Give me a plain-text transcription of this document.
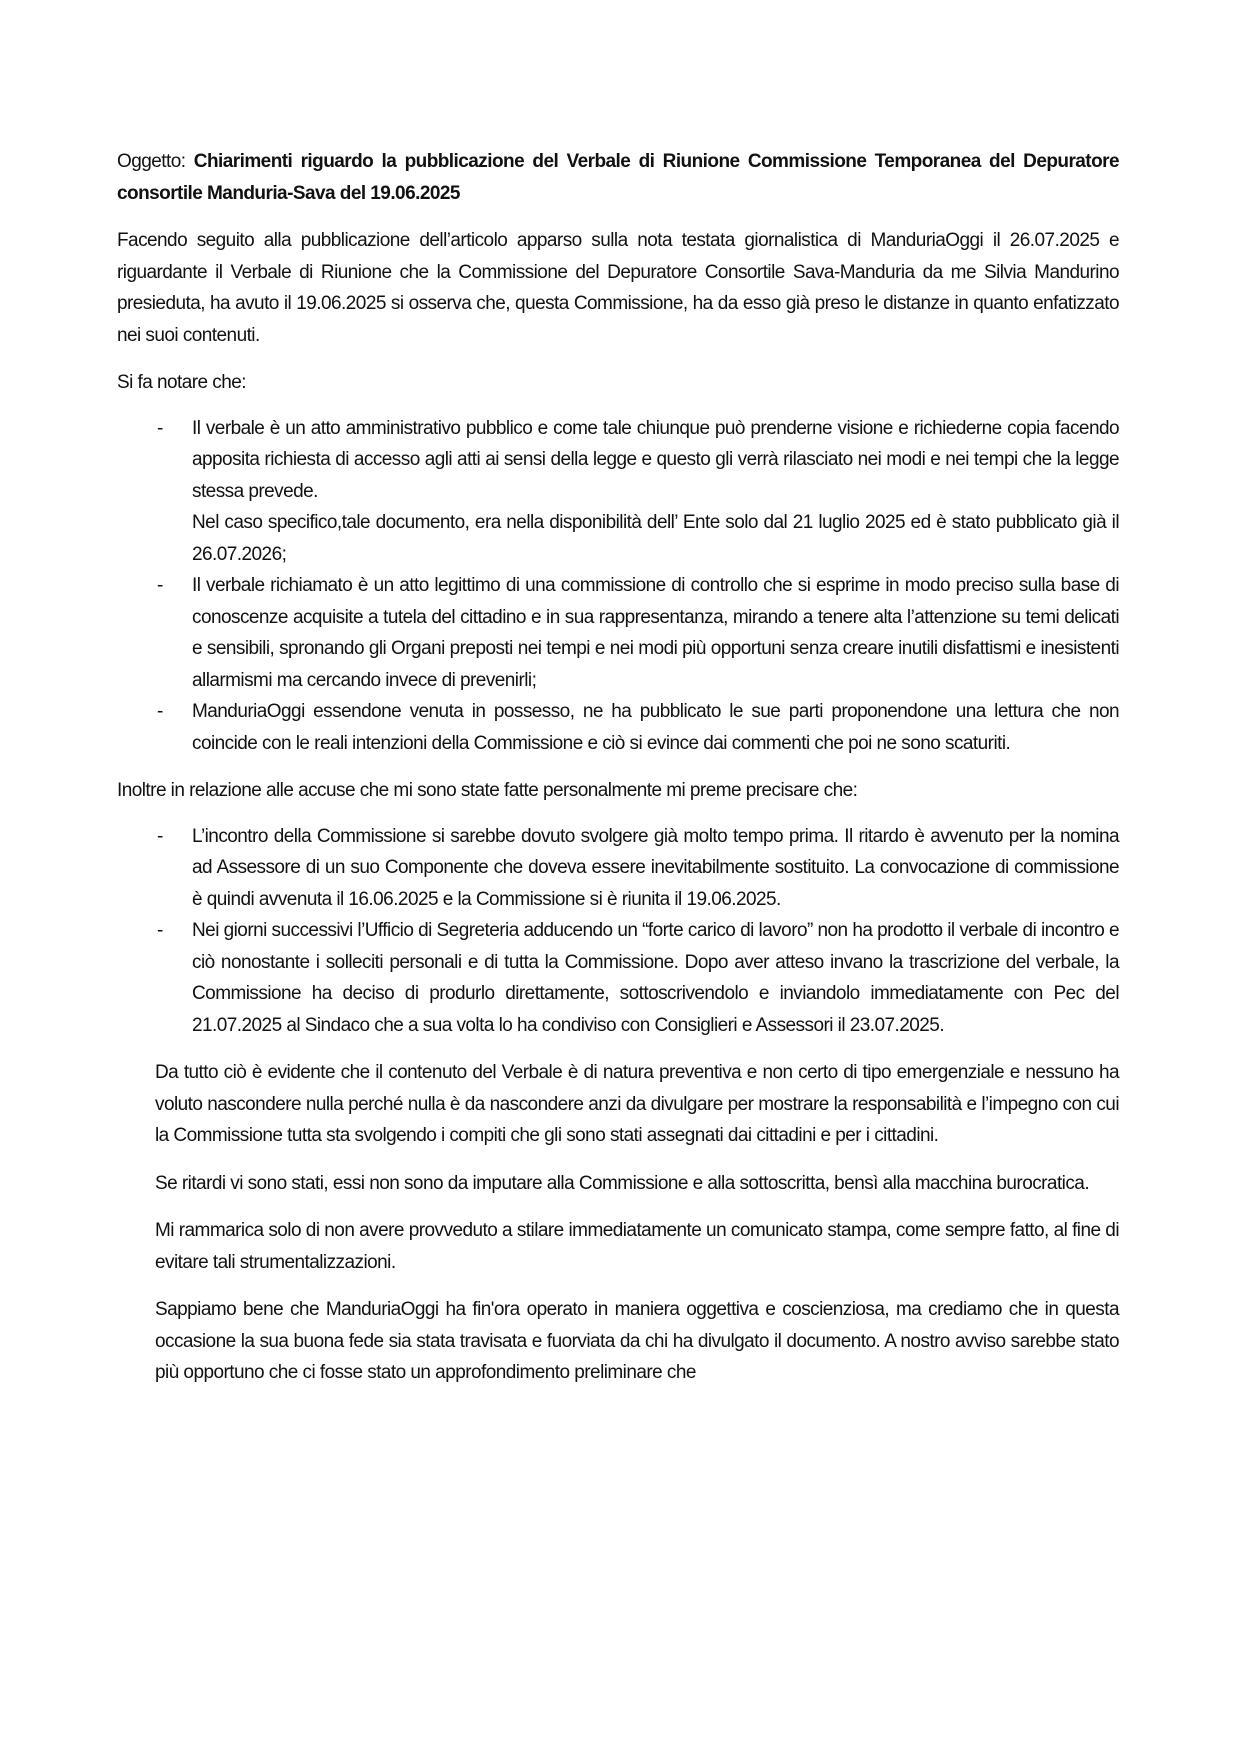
Oggetto: Chiarimenti riguardo la pubblicazione del Verbale di Riunione Commissione Temporanea del Depuratore consortile Manduria-Sava del 19.06.2025

Facendo seguito alla pubblicazione dell’articolo apparso sulla nota testata giornalistica di ManduriaOggi il 26.07.2025 e riguardante il Verbale di Riunione che la Commissione del Depuratore Consortile Sava-Manduria da me Silvia Mandurino presieduta, ha avuto il 19.06.2025 si osserva che, questa Commissione, ha da esso già preso le distanze in quanto enfatizzato nei suoi contenuti.

Si fa notare che:

- Il verbale è un atto amministrativo pubblico e come tale chiunque può prenderne visione e richiederne copia facendo apposita richiesta di accesso agli atti ai sensi della legge e questo gli verrà rilasciato nei modi e nei tempi che la legge stessa prevede.
Nel caso specifico,tale documento, era nella disponibilità dell’ Ente solo dal 21 luglio 2025 ed è stato pubblicato già il 26.07.2026;
- Il verbale richiamato è un atto legittimo di una commissione di controllo che si esprime in modo preciso sulla base di conoscenze acquisite a tutela del cittadino e in sua rappresentanza, mirando a tenere alta l’attenzione su temi delicati e sensibili, spronando gli Organi preposti nei tempi e nei modi più opportuni senza creare inutili disfattismi e inesistenti allarmismi ma cercando invece di prevenirli;
- ManduriaOggi essendone venuta in possesso, ne ha pubblicato le sue parti proponendone una lettura che non coincide con le reali intenzioni della Commissione e ciò si evince dai commenti che poi ne sono scaturiti.

Inoltre in relazione alle accuse che mi sono state fatte personalmente mi preme precisare che:

- L’incontro della Commissione si sarebbe dovuto svolgere già molto tempo prima. Il ritardo è avvenuto per la nomina ad Assessore di un suo Componente che doveva essere inevitabilmente sostituito. La convocazione di commissione è quindi avvenuta il 16.06.2025 e la Commissione si è riunita il 19.06.2025.
- Nei giorni successivi l’Ufficio di Segreteria adducendo un “forte carico di lavoro” non ha prodotto il verbale di incontro e ciò nonostante i solleciti personali e di tutta la Commissione. Dopo aver atteso invano la trascrizione del verbale, la Commissione ha deciso di produrlo direttamente, sottoscrivendolo e inviandolo immediatamente con Pec del 21.07.2025 al Sindaco che a sua volta lo ha condiviso con Consiglieri e Assessori il 23.07.2025.

Da tutto ciò è evidente che il contenuto del Verbale è di natura preventiva e non certo di tipo emergenziale e nessuno ha voluto nascondere nulla perché nulla è da nascondere anzi da divulgare per mostrare la responsabilità e l’impegno con cui la Commissione tutta sta svolgendo i compiti che gli sono stati assegnati dai cittadini e per i cittadini.

Se ritardi vi sono stati, essi non sono da imputare alla Commissione e alla sottoscritta, bensì alla macchina burocratica.

Mi rammarica solo di non avere provveduto a stilare immediatamente un comunicato stampa, come sempre fatto, al fine di evitare tali strumentalizzazioni.

Sappiamo bene che ManduriaOggi ha fin'ora operato in maniera oggettiva e coscienziosa, ma crediamo che in questa occasione la sua buona fede sia stata travisata e fuorviata da chi ha divulgato il documento. A nostro avviso sarebbe stato più opportuno che ci fosse stato un approfondimento preliminare che
